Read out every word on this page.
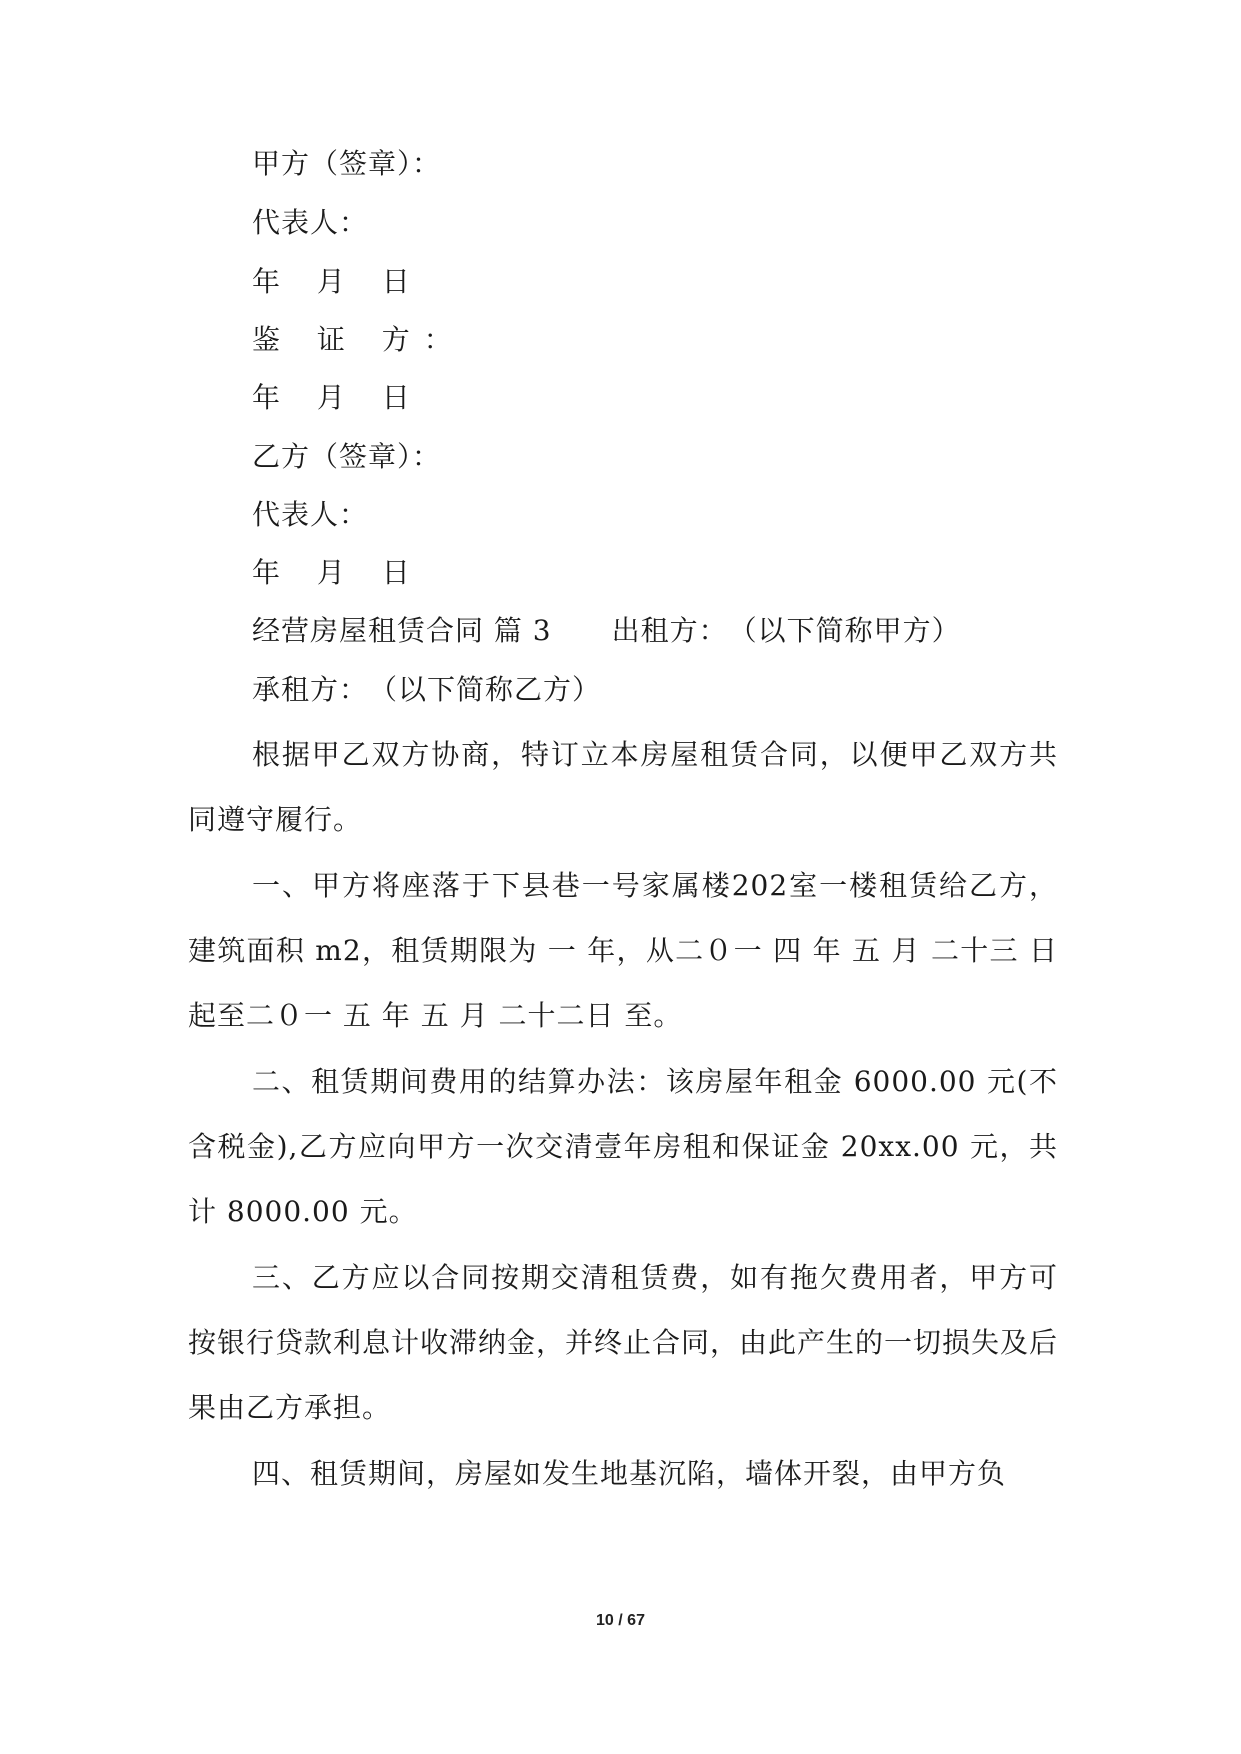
甲方（签章）：
代表人：
年 月 日
鉴 证 方：
年 月 日
乙方（签章）：
代表人：
年 月 日
经营房屋租赁合同 篇 3 出租方：　（以下简称甲方）
承租方：　（以下简称乙方）
根据甲乙双方协商，特订立本房屋租赁合同，以便甲乙双方共同遵守履行。
一、甲方将座落于下县巷一号家属楼202室一楼租赁给乙方，建筑面积 m2，租赁期限为 一 年，从二０一 四 年 五 月 二十三 日起至二０一 五 年 五 月 二十二日 至。
二、租赁期间费用的结算办法：该房屋年租金 6000.00 元(不含税金),乙方应向甲方一次交清壹年房租和保证金 20xx.00 元，共计 8000.00 元。
三、乙方应以合同按期交清租赁费，如有拖欠费用者，甲方可按银行贷款利息计收滞纳金，并终止合同，由此产生的一切损失及后果由乙方承担。
四、租赁期间，房屋如发生地基沉陷，墙体开裂，由甲方负
10 / 67
